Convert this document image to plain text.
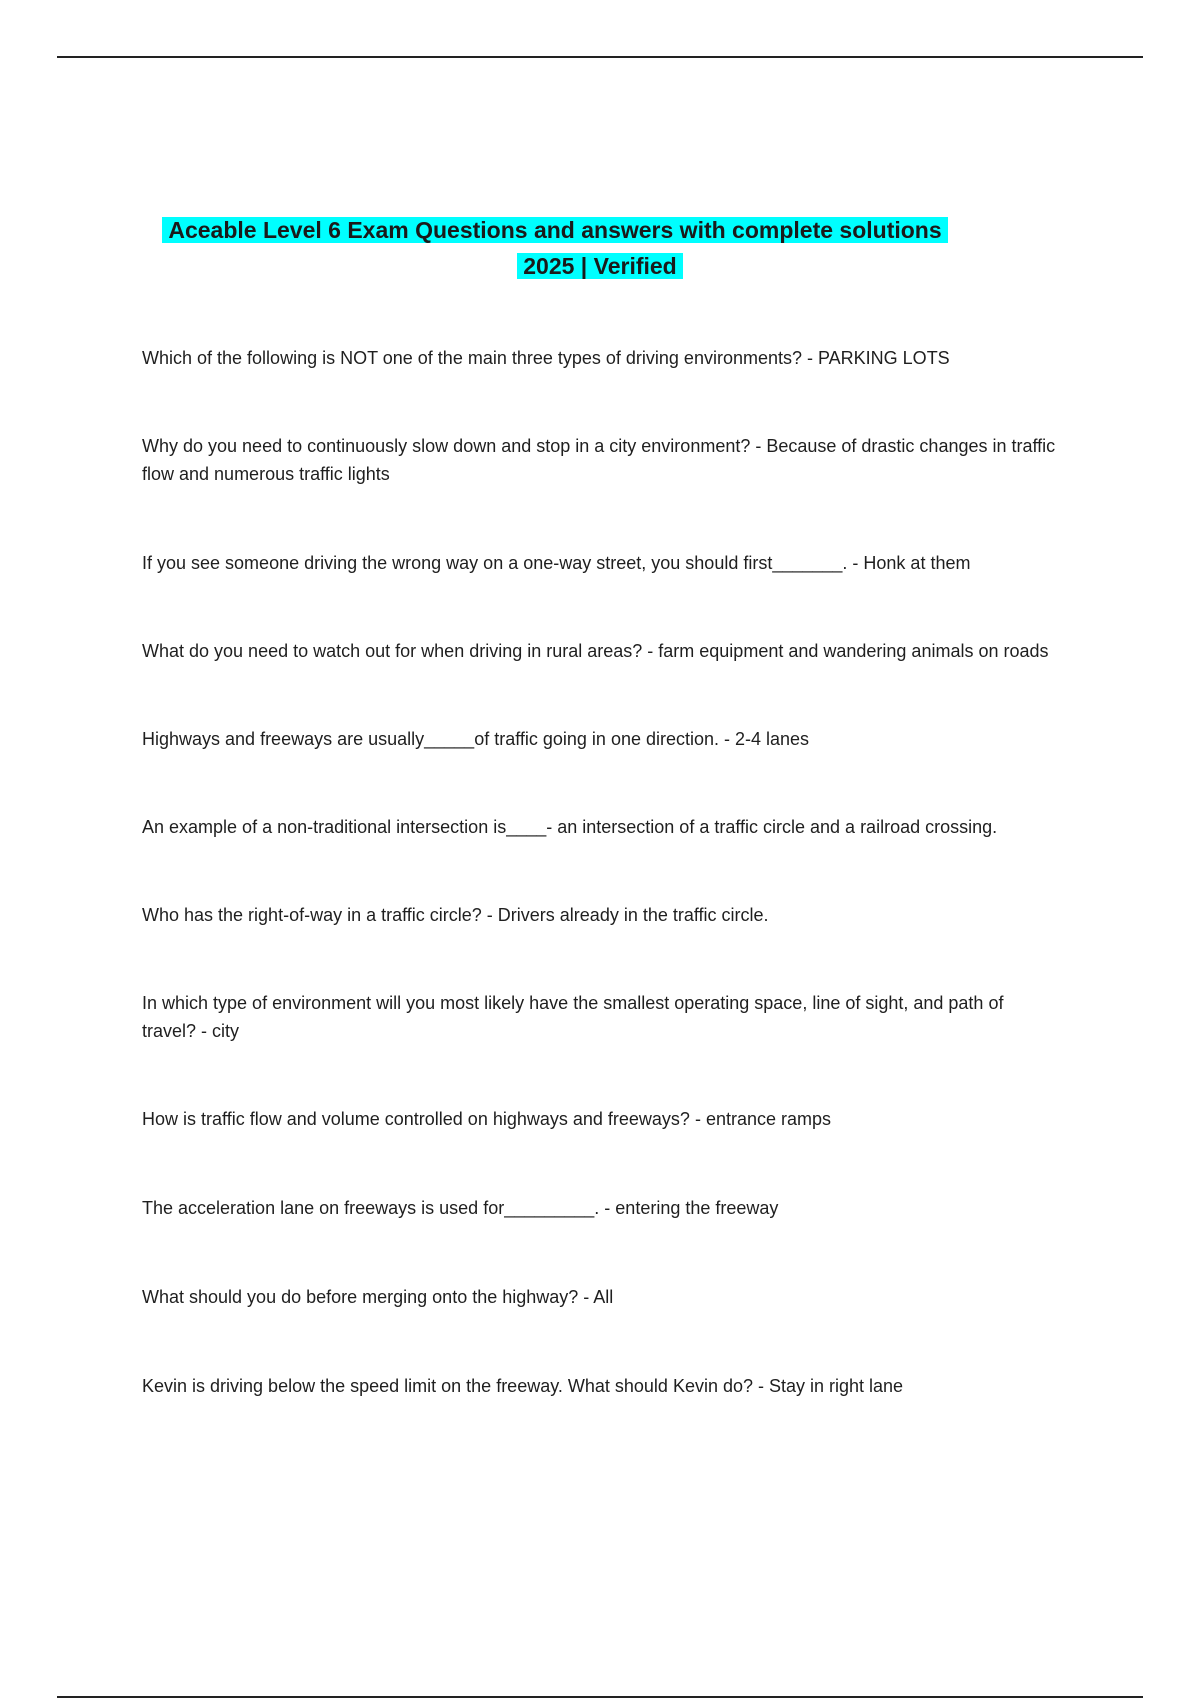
Aceable Level 6 Exam Questions and answers with complete solutions
2025 | Verified
Which of the following is NOT one of the main three types of driving environments? - PARKING LOTS
Why do you need to continuously slow down and stop in a city environment? - Because of drastic changes in traffic flow and numerous traffic lights
If you see someone driving the wrong way on a one-way street, you should first_______. - Honk at them
What do you need to watch out for when driving in rural areas? - farm equipment and wandering animals on roads
Highways and freeways are usually_____of traffic going in one direction. - 2-4 lanes
An example of a non-traditional intersection is____- an intersection of a traffic circle and a railroad crossing.
Who has the right-of-way in a traffic circle? - Drivers already in the traffic circle.
In which type of environment will you most likely have the smallest operating space, line of sight, and path of travel? - city
How is traffic flow and volume controlled on highways and freeways? - entrance ramps
The acceleration lane on freeways is used for_________. - entering the freeway
What should you do before merging onto the highway? - All
Kevin is driving below the speed limit on the freeway. What should Kevin do? - Stay in right lane
